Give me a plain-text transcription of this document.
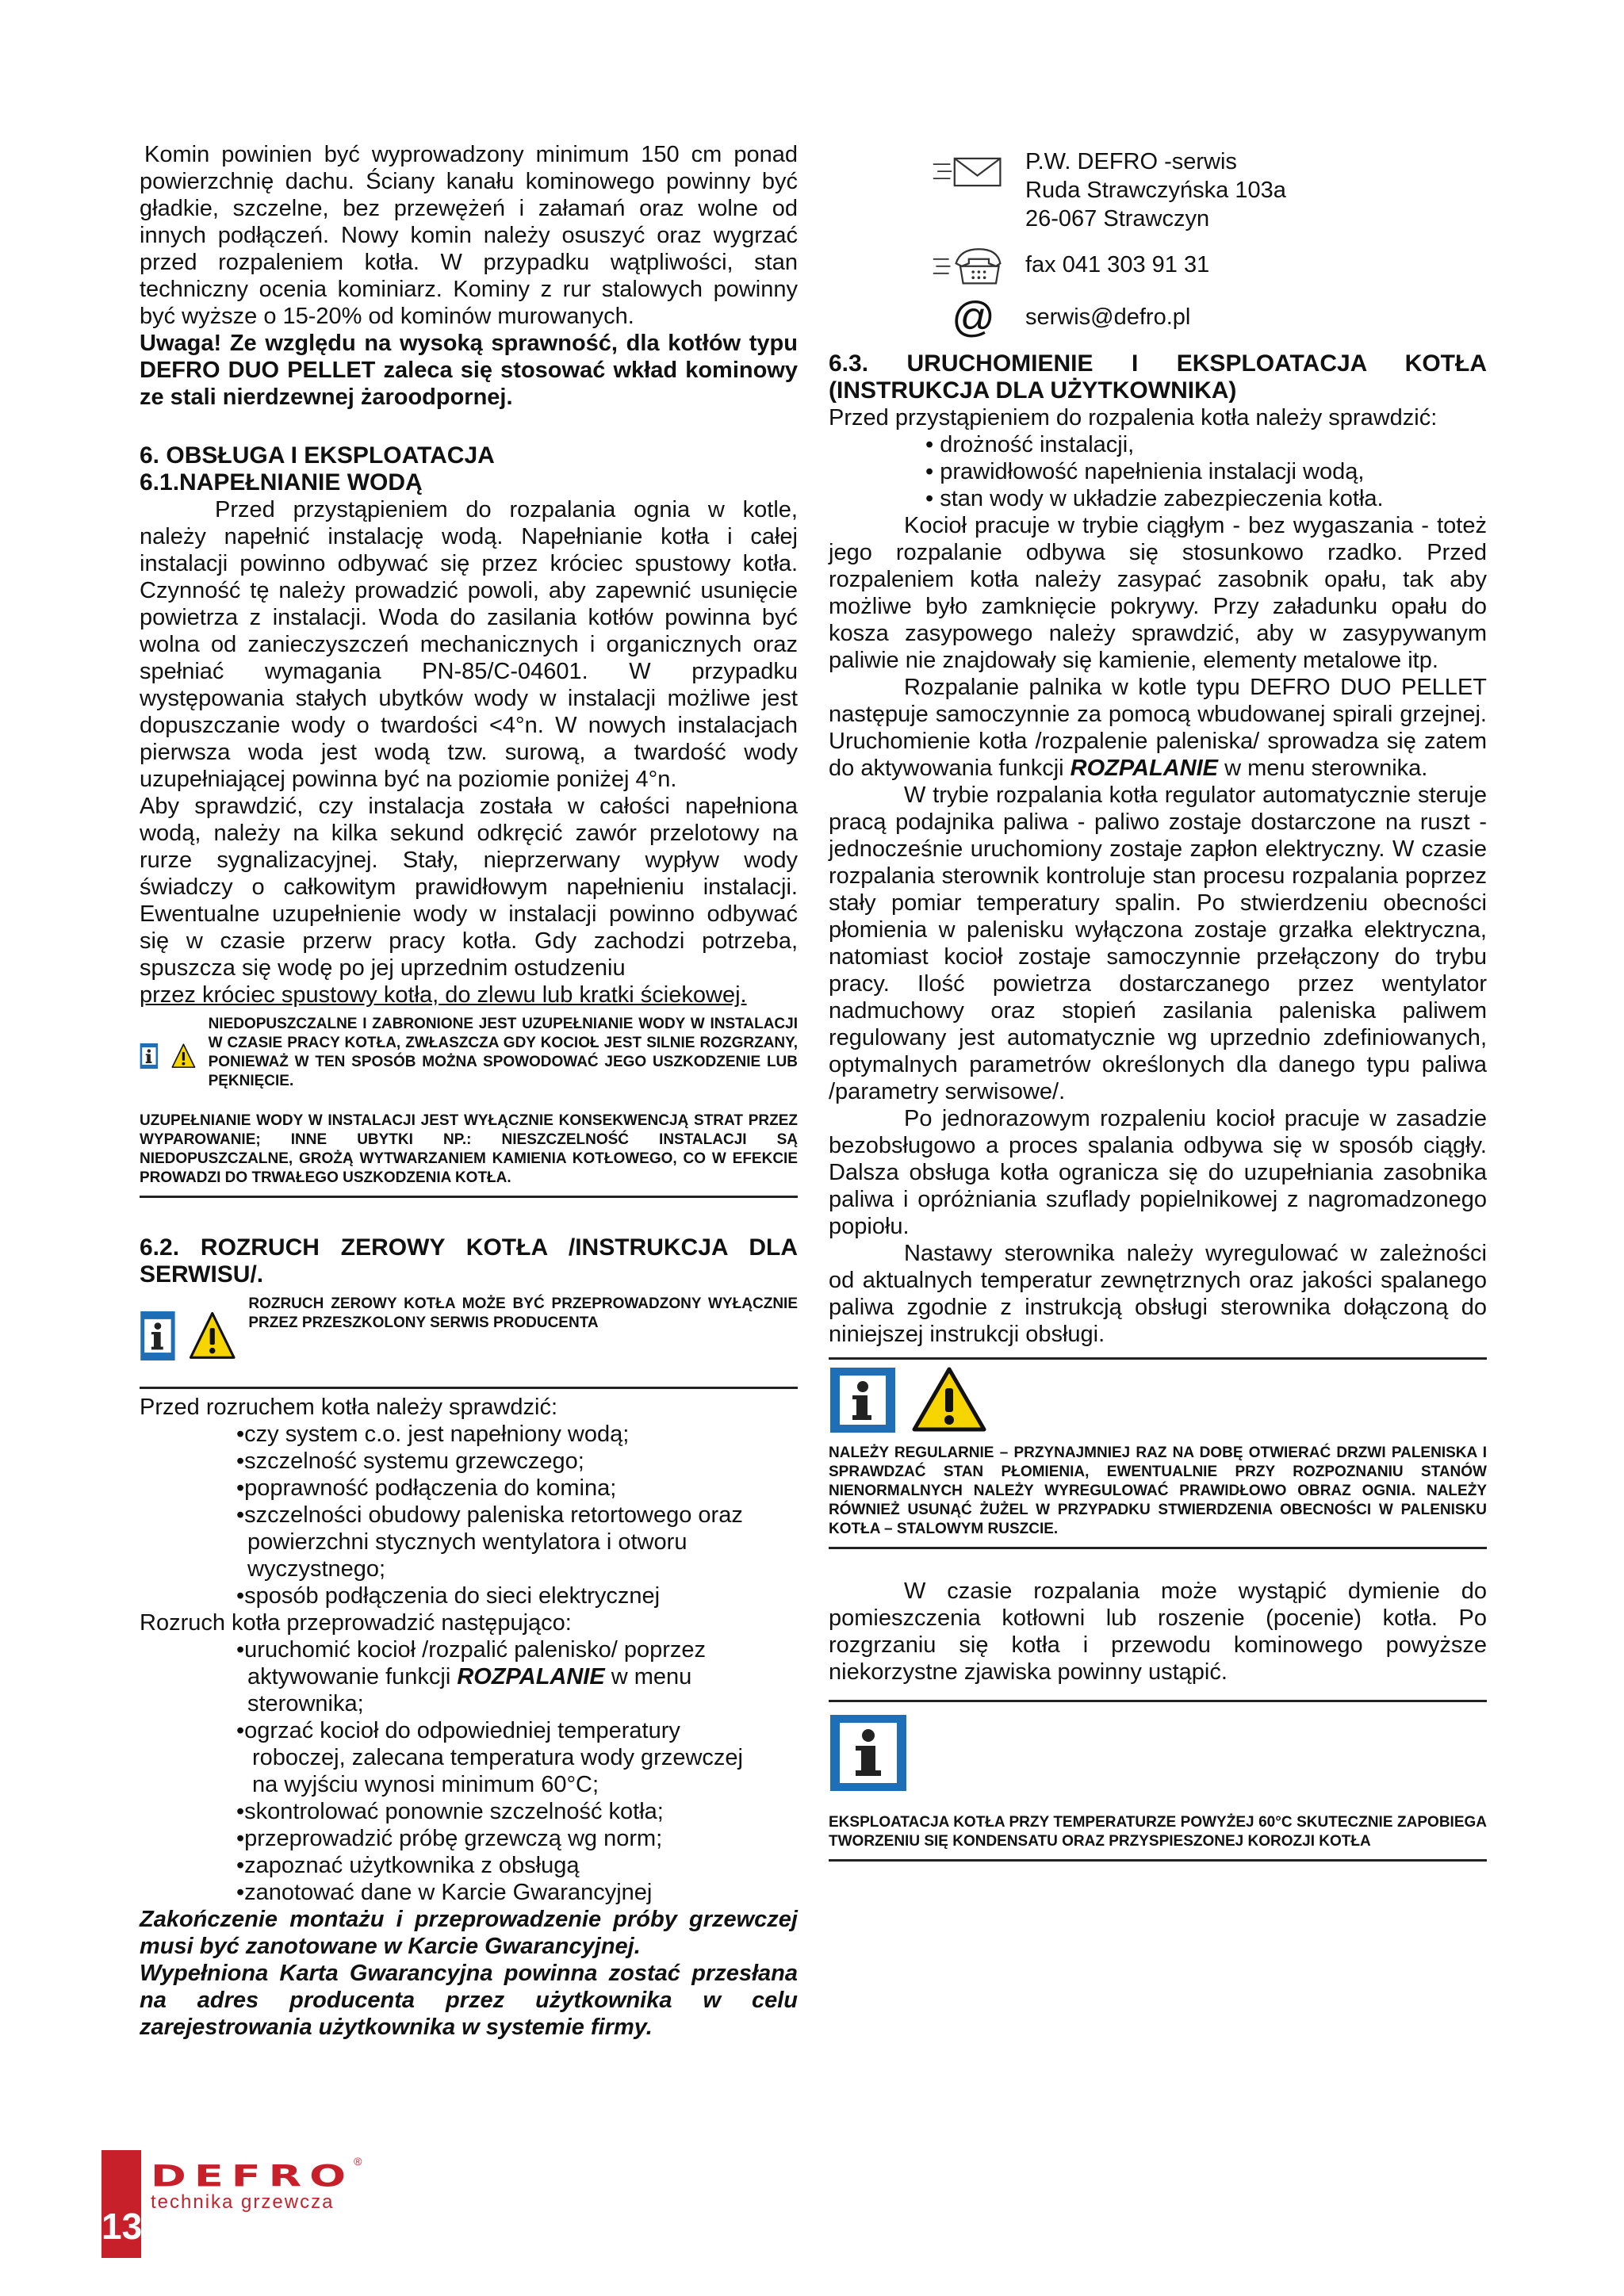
Komin powinien być wyprowadzony minimum 150 cm ponad powierzchnię dachu. Ściany kanału kominowego powinny być gładkie, szczelne, bez przewężeń i załamań oraz wolne od innych podłączeń. Nowy komin należy osuszyć oraz wygrzać przed rozpaleniem kotła. W przypadku wątpliwości, stan techniczny ocenia kominiarz. Kominy z rur stalowych powinny być wyższe o 15-20% od kominów murowanych.

Uwaga! Ze względu na wysoką sprawność, dla kotłów typu DEFRO DUO PELLET zaleca się stosować wkład kominowy ze stali nierdzewnej żaroodpornej.

6. OBSŁUGA I EKSPLOATACJA
6.1.NAPEŁNIANIE WODĄ

Przed przystąpieniem do rozpalania ognia w kotle, należy napełnić instalację wodą. Napełnianie kotła i całej instalacji powinno odbywać się przez króciec spustowy kotła. Czynność tę należy prowadzić powoli, aby zapewnić usunięcie powietrza z instalacji. Woda do zasilania kotłów powinna być wolna od zanieczyszczeń mechanicznych i organicznych oraz spełniać wymagania PN-85/C-04601. W przypadku występowania stałych ubytków wody w instalacji możliwe jest dopuszczanie wody o twardości <4°n. W nowych instalacjach pierwsza woda jest wodą tzw. surową, a twardość wody uzupełniającej powinna być na poziomie poniżej 4°n.

Aby sprawdzić, czy instalacja została w całości napełniona wodą, należy na kilka sekund odkręcić zawór przelotowy na rurze sygnalizacyjnej. Stały, nieprzerwany wypływ wody świadczy o całkowitym prawidłowym napełnieniu instalacji. Ewentualne uzupełnienie wody w instalacji powinno odbywać się w czasie przerw pracy kotła. Gdy zachodzi potrzeba, spuszcza się wodę po jej uprzednim ostudzeniu

przez króciec spustowy kotła, do zlewu lub kratki ściekowej.

NIEDOPUSZCZALNE I ZABRONIONE JEST UZUPEŁNIANIE WODY W INSTALACJI W CZASIE PRACY KOTŁA, ZWŁASZCZA GDY KOCIOŁ JEST SILNIE ROZGRZANY, PONIEWAŻ W TEN SPOSÓB MOŻNA SPOWODOWAĆ JEGO USZKODZENIE LUB PĘKNIĘCIE.
UZUPEŁNIANIE WODY W INSTALACJI JEST WYŁĄCZNIE KONSEKWENCJĄ STRAT PRZEZ WYPAROWANIE; INNE UBYTKI NP.: NIESZCZELNOŚĆ INSTALACJI SĄ NIEDOPUSZCZALNE, GROŻĄ WYTWARZANIEM KAMIENIA KOTŁOWEGO, CO W EFEKCIE PROWADZI DO TRWAŁEGO USZKODZENIA KOTŁA.
6.2. ROZRUCH ZEROWY KOTŁA /INSTRUKCJA DLA SERWISU/.
ROZRUCH ZEROWY KOTŁA MOŻE BYĆ PRZEPROWADZONY WYŁĄCZNIE PRZEZ PRZESZKOLONY SERWIS PRODUCENTA

Przed rozruchem kotła należy sprawdzić:

•czy system c.o. jest napełniony wodą;
•szczelność systemu grzewczego;
•poprawność podłączenia do komina;
•szczelności obudowy paleniska retortowego oraz
powierzchni stycznych wentylatora i otworu
wyczystnego;
•sposób podłączenia do sieci elektrycznej

Rozruch kotła przeprowadzić następująco:

•uruchomić kocioł /rozpalić palenisko/ poprzez
aktywowanie funkcji ROZPALANIE w menu
sterownika;
•ogrzać kocioł do odpowiedniej temperatury
roboczej, zalecana temperatura wody grzewczej
na wyjściu wynosi minimum 60°C;
•skontrolować ponownie szczelność kotła;
•przeprowadzić próbę grzewczą wg norm;
•zapoznać użytkownika z obsługą
•zanotować dane w Karcie Gwarancyjnej

Zakończenie montażu i przeprowadzenie próby grzewczej musi być zanotowane w Karcie Gwarancyjnej.

Wypełniona Karta Gwarancyjna powinna zostać przesłana na adres producenta przez użytkownika w celu zarejestrowania użytkownika w systemie firmy.

P.W. DEFRO -serwis
Ruda Strawczyńska 103a
26-067 Strawczyn
fax 041 303 91 31
@ serwis@defro.pl
6.3. URUCHOMIENIE I EKSPLOATACJA KOTŁA (INSTRUKCJA DLA UŻYTKOWNIKA)

Przed przystąpieniem do rozpalenia kotła należy sprawdzić:

• drożność instalacji,
• prawidłowość napełnienia instalacji wodą,
• stan wody w układzie zabezpieczenia kotła.

Kocioł pracuje w trybie ciągłym - bez wygaszania - toteż jego rozpalanie odbywa się stosunkowo rzadko. Przed rozpaleniem kotła należy zasypać zasobnik opału, tak aby możliwe było zamknięcie pokrywy. Przy załadunku opału do kosza zasypowego należy sprawdzić, aby w zasypywanym paliwie nie znajdowały się kamienie, elementy metalowe itp.

Rozpalanie palnika w kotle typu DEFRO DUO PELLET następuje samoczynnie za pomocą wbudowanej spirali grzejnej. Uruchomienie kotła /rozpalenie paleniska/ sprowadza się zatem do aktywowania funkcji ROZPALANIE w menu sterownika.

W trybie rozpalania kotła regulator automatycznie steruje pracą podajnika paliwa - paliwo zostaje dostarczone na ruszt - jednocześnie uruchomiony zostaje zapłon elektryczny. W czasie rozpalania sterownik kontroluje stan procesu rozpalania poprzez stały pomiar temperatury spalin. Po stwierdzeniu obecności płomienia w palenisku wyłączona zostaje grzałka elektryczna, natomiast kocioł zostaje samoczynnie przełączony do trybu pracy. Ilość powietrza dostarczanego przez wentylator nadmuchowy oraz stopień zasilania paleniska paliwem regulowany jest automatycznie wg uprzednio zdefiniowanych, optymalnych parametrów określonych dla danego typu paliwa /parametry serwisowe/.

Po jednorazowym rozpaleniu kocioł pracuje w zasadzie bezobsługowo a proces spalania odbywa się w sposób ciągły. Dalsza obsługa kotła ogranicza się do uzupełniania zasobnika paliwa i opróżniania szuflady popielnikowej z nagromadzonego popiołu.

Nastawy sterownika należy wyregulować w zależności od aktualnych temperatur zewnętrznych oraz jakości spalanego paliwa zgodnie z instrukcją obsługi sterownika dołączoną do niniejszej instrukcji obsługi.

NALEŻY REGULARNIE – PRZYNAJMNIEJ RAZ NA DOBĘ OTWIERAĆ DRZWI PALENISKA I SPRAWDZAĆ STAN PŁOMIENIA, EWENTUALNIE PRZY ROZPOZNANIU STANÓW NIENORMALNYCH NALEŻY WYREGULOWAĆ PRAWIDŁOWO OBRAZ OGNIA. NALEŻY RÓWNIEŻ USUNĄĆ ŻUŻEL W PRZYPADKU STWIERDZENIA OBECNOŚCI W PALENISKU KOTŁA – STALOWYM RUSZCIE.

W czasie rozpalania może wystąpić dymienie do pomieszczenia kotłowni lub roszenie (pocenie) kotła. Po rozgrzaniu się kotła i przewodu kominowego powyższe niekorzystne zjawiska powinny ustąpić.

EKSPLOATACJA KOTŁA PRZY TEMPERATURZE POWYŻEJ 60°C SKUTECZNIE ZAPOBIEGA TWORZENIU SIĘ KONDENSATU ORAZ PRZYSPIESZONEJ KOROZJI KOTŁA
13
DEFRO ®
technika grzewcza
